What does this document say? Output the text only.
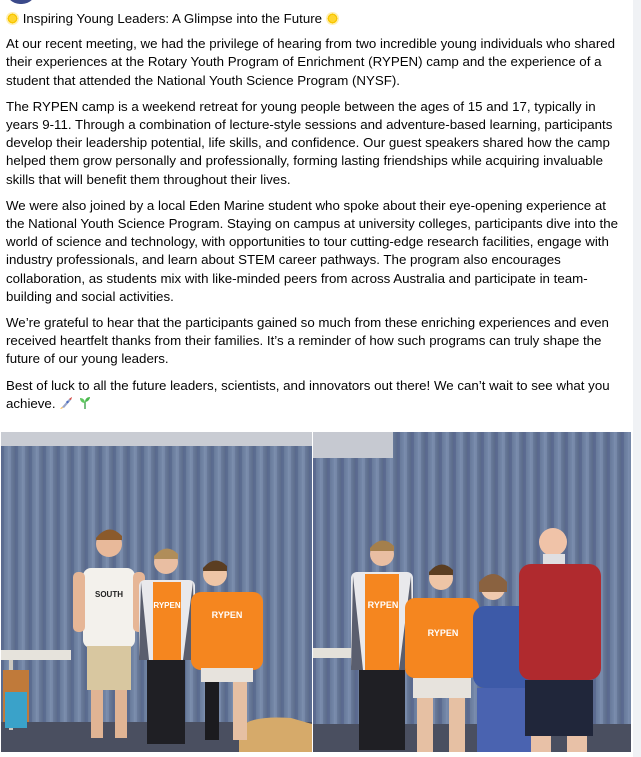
Inspiring Young Leaders: A Glimpse into the Future

At our recent meeting, we had the privilege of hearing from two incredible young individuals who shared their experiences at the Rotary Youth Program of Enrichment (RYPEN) camp and the experience of a student that attended the National Youth Science Program (NYSF).

The RYPEN camp is a weekend retreat for young people between the ages of 15 and 17, typically in years 9-11. Through a combination of lecture-style sessions and adventure-based learning, participants develop their leadership potential, life skills, and confidence. Our guest speakers shared how the camp helped them grow personally and professionally, forming lasting friendships while acquiring invaluable skills that will benefit them throughout their lives.

We were also joined by a local Eden Marine student who spoke about their eye-opening experience at the National Youth Science Program. Staying on campus at university colleges, participants dive into the world of science and technology, with opportunities to tour cutting-edge research facilities, engage with industry professionals, and learn about STEM career pathways. The program also encourages collaboration, as students mix with like-minded peers from across Australia and participate in team-building and social activities.

We’re grateful to hear that the participants gained so much from these enriching experiences and even received heartfelt thanks from their families. It’s a reminder of how such programs can truly shape the future of our young leaders.

Best of luck to all the future leaders, scientists, and innovators out there! We can’t wait to see what you achieve.

SOUTH
RYPEN
RYPEN
RYPEN
RYPEN
